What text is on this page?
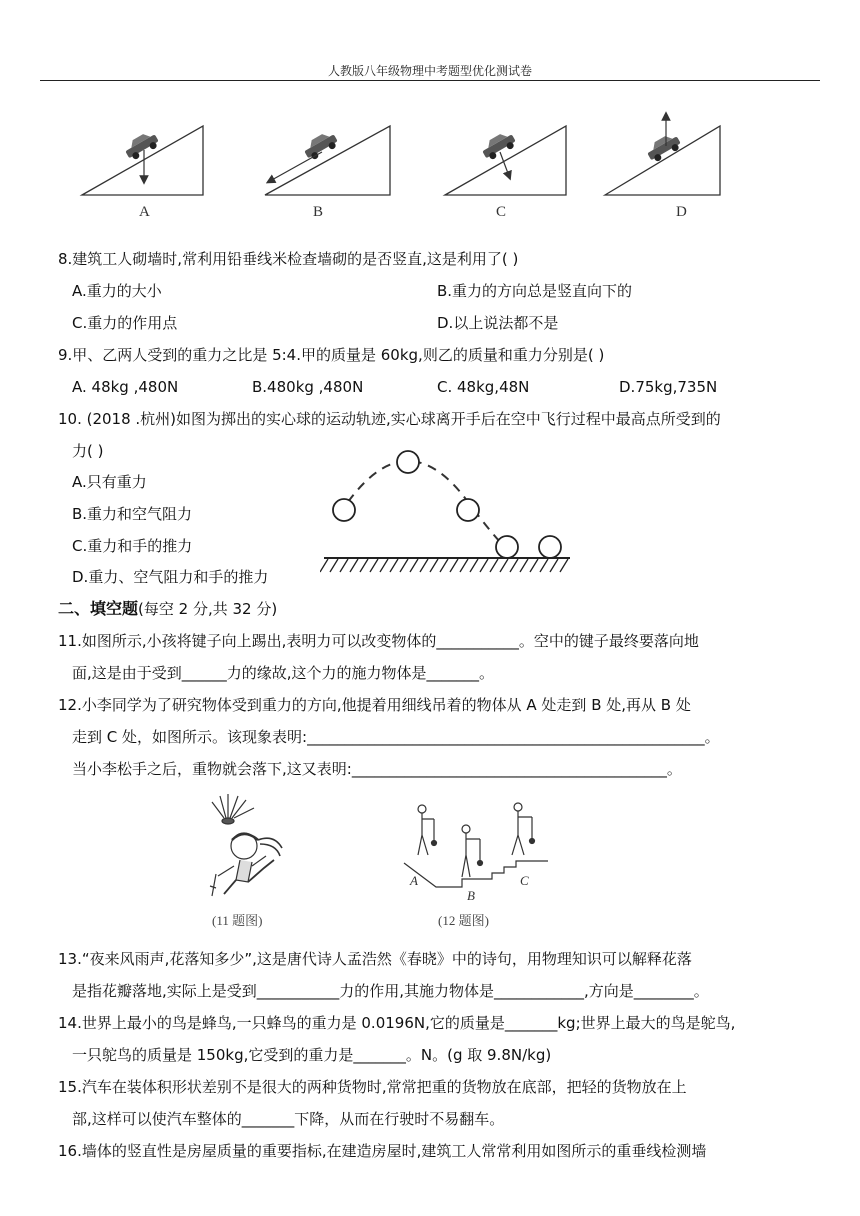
人教版八年级物理中考题型优化测试卷
A	B	C	D
8.建筑工人砌墙时,常利用铅垂线米检查墙砌的是否竖直,这是利用了( )
A.重力的大小	B.重力的方向总是竖直向下的
C.重力的作用点	D.以上说法都不是
9.甲、乙两人受到的重力之比是 5:4.甲的质量是 60kg,则乙的质量和重力分别是( )
A. 48kg ,480N	B.480kg ,480N	C. 48kg,48N	D.75kg,735N
10. (2018 .杭州)如图为掷出的实心球的运动轨迹,实心球离开手后在空中飞行过程中最高点所受到的
力( )
A.只有重力
B.重力和空气阻力
C.重力和手的推力
D.重力、空气阻力和手的推力
二、填空题(每空 2 分,共 32 分)
11.如图所示,小孩将键子向上踢出,表明力可以改变物体的___________。空中的键子最终要落向地
面,这是由于受到______力的缘故,这个力的施力物体是_______。
12.小李同学为了研究物体受到重力的方向,他提着用细线吊着的物体从 A 处走到 B 处,再从 B 处
走到 C 处，如图所示。该现象表明:_____________________________________________________。
当小李松手之后，重物就会落下,这又表明:__________________________________________。
(11 题图)
A
B
C
(12 题图)
13.“夜来风雨声,花落知多少”,这是唐代诗人孟浩然《春晓》中的诗句，用物理知识可以解释花落
是指花瓣落地,实际上是受到___________力的作用,其施力物体是____________,方向是________。
14.世界上最小的鸟是蜂鸟,一只蜂鸟的重力是 0.0196N,它的质量是_______kg;世界上最大的鸟是鸵鸟,
一只鸵鸟的质量是 150kg,它受到的重力是_______。N。(g 取 9.8N/kg)
15.汽车在装体积形状差别不是很大的两种货物时,常常把重的货物放在底部，把轻的货物放在上
部,这样可以使汽车整体的_______下降，从而在行驶时不易翻车。
16.墙体的竖直性是房屋质量的重要指标,在建造房屋时,建筑工人常常利用如图所示的重垂线检测墙
